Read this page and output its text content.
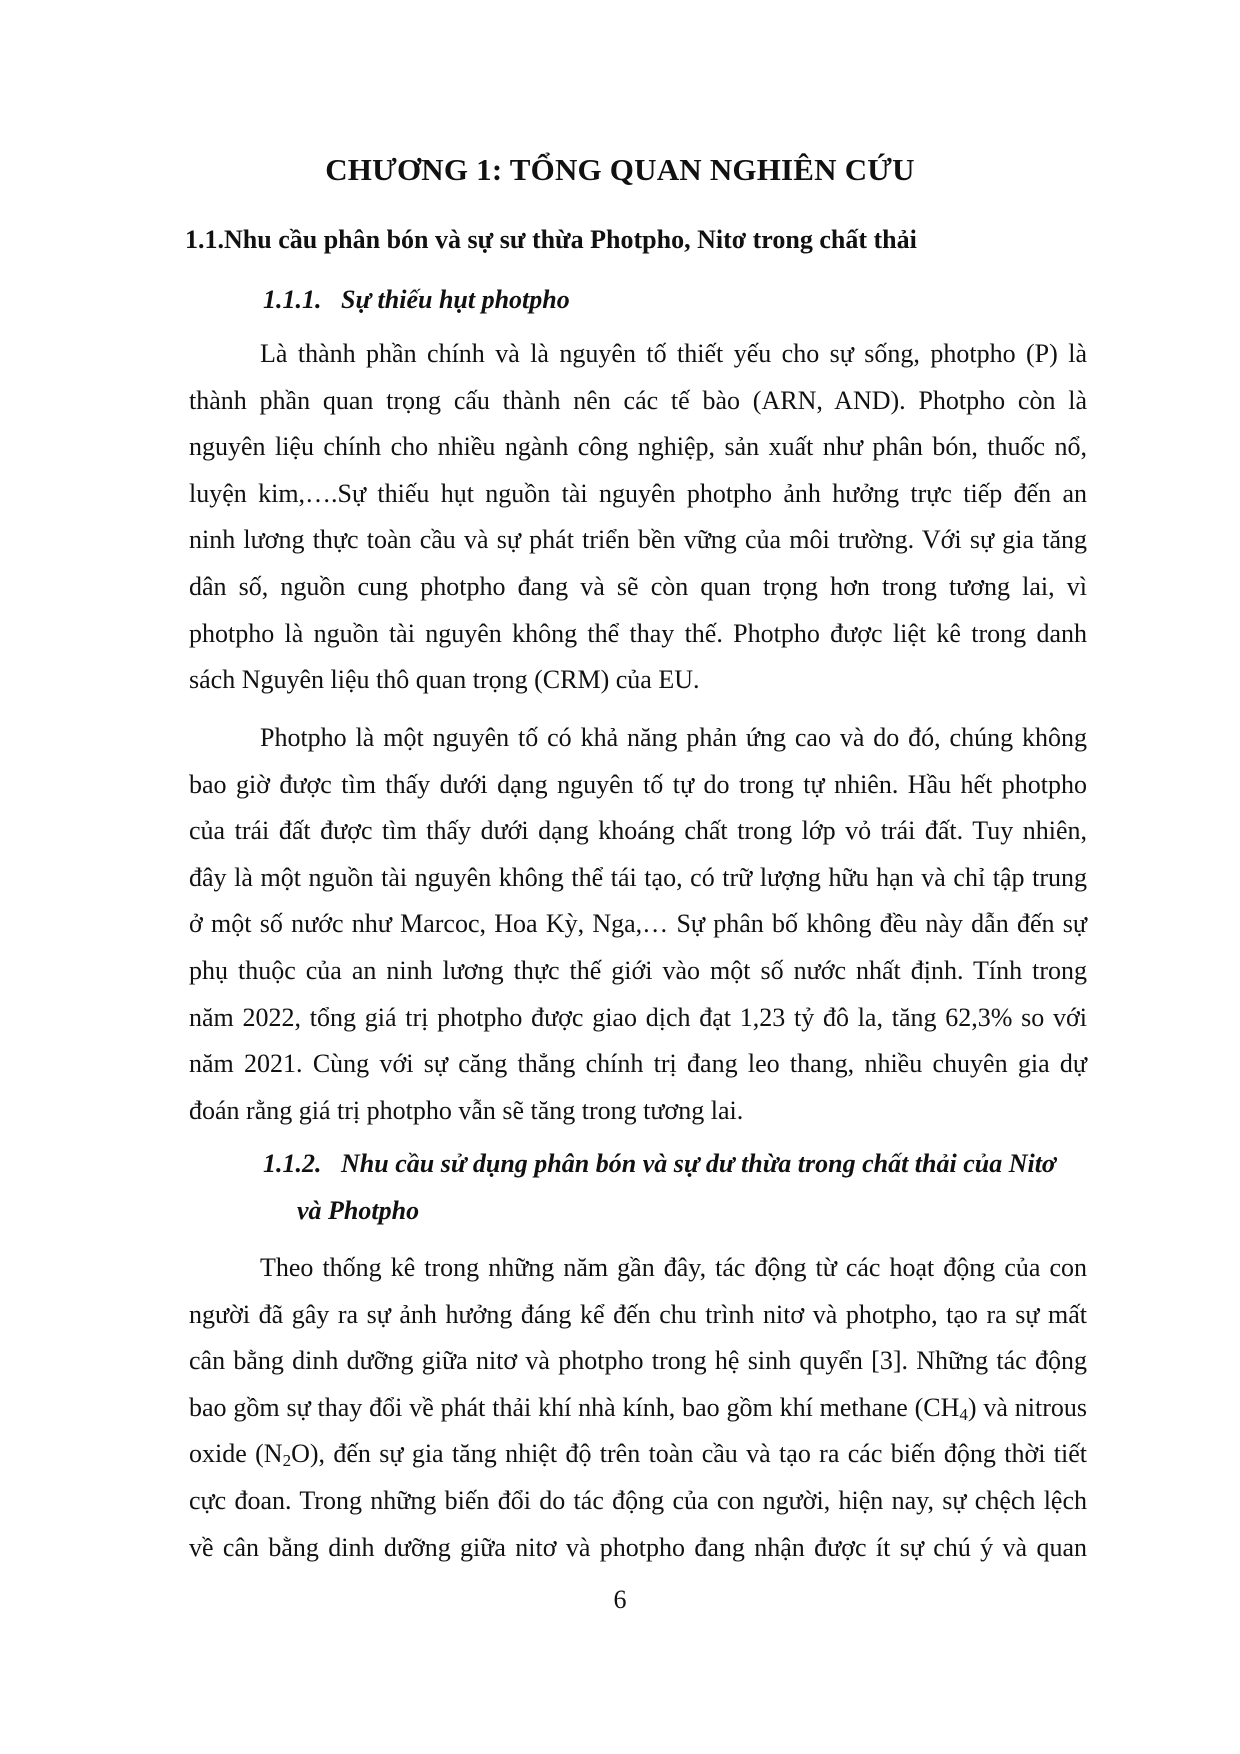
CHƯƠNG 1: TỔNG QUAN NGHIÊN CỨU
1.1.Nhu cầu phân bón và sự sư thừa Photpho, Nitơ trong chất thải
1.1.1. Sự thiếu hụt photpho
Là thành phần chính và là nguyên tố thiết yếu cho sự sống, photpho (P) là
thành phần quan trọng cấu thành nên các tế bào (ARN, AND). Photpho còn là
nguyên liệu chính cho nhiều ngành công nghiệp, sản xuất như phân bón, thuốc nổ,
luyện kim,….Sự thiếu hụt nguồn tài nguyên photpho ảnh hưởng trực tiếp đến an
ninh lương thực toàn cầu và sự phát triển bền vững của môi trường. Với sự gia tăng
dân số, nguồn cung photpho đang và sẽ còn quan trọng hơn trong tương lai, vì
photpho là nguồn tài nguyên không thể thay thế. Photpho được liệt kê trong danh
sách Nguyên liệu thô quan trọng (CRM) của EU.
Photpho là một nguyên tố có khả năng phản ứng cao và do đó, chúng không
bao giờ được tìm thấy dưới dạng nguyên tố tự do trong tự nhiên. Hầu hết photpho
của trái đất được tìm thấy dưới dạng khoáng chất trong lớp vỏ trái đất. Tuy nhiên,
đây là một nguồn tài nguyên không thể tái tạo, có trữ lượng hữu hạn và chỉ tập trung
ở một số nước như Marcoc, Hoa Kỳ, Nga,… Sự phân bố không đều này dẫn đến sự
phụ thuộc của an ninh lương thực thế giới vào một số nước nhất định. Tính trong
năm 2022, tổng giá trị photpho được giao dịch đạt 1,23 tỷ đô la, tăng 62,3% so với
năm 2021. Cùng với sự căng thẳng chính trị đang leo thang, nhiều chuyên gia dự
đoán rằng giá trị photpho vẫn sẽ tăng trong tương lai.
1.1.2. Nhu cầu sử dụng phân bón và sự dư thừa trong chất thải của Nitơ
và Photpho
Theo thống kê trong những năm gần đây, tác động từ các hoạt động của con
người đã gây ra sự ảnh hưởng đáng kể đến chu trình nitơ và photpho, tạo ra sự mất
cân bằng dinh dưỡng giữa nitơ và photpho trong hệ sinh quyển [3]. Những tác động
bao gồm sự thay đổi về phát thải khí nhà kính, bao gồm khí methane $(CH_4)$ và nitrous
oxide $(N_2O)$, đến sự gia tăng nhiệt độ trên toàn cầu và tạo ra các biến động thời tiết
cực đoan. Trong những biến đổi do tác động của con người, hiện nay, sự chệch lệch
về cân bằng dinh dưỡng giữa nitơ và photpho đang nhận được ít sự chú ý và quan
6
